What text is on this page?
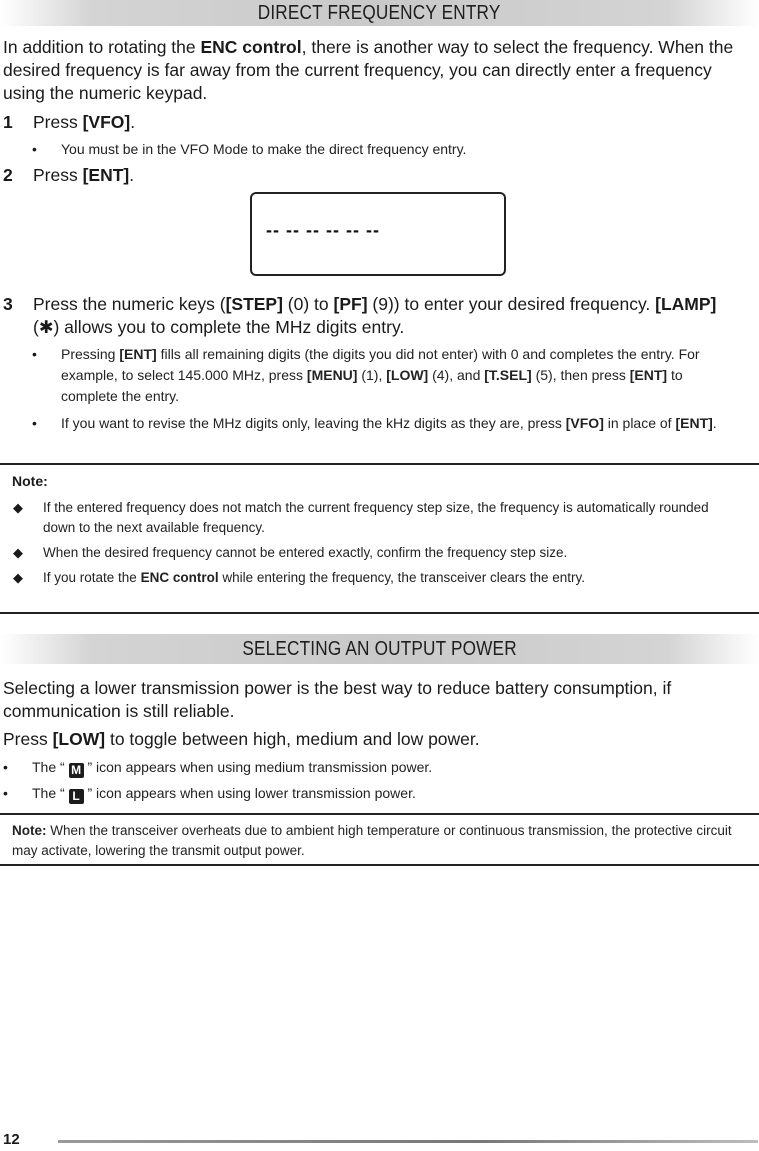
DIRECT FREQUENCY ENTRY

In addition to rotating the ENC control, there is another way to select the frequency. When the desired frequency is far away from the current frequency, you can directly enter a frequency using the numeric keypad.

1 Press [VFO].
• You must be in the VFO Mode to make the direct frequency entry.
2 Press [ENT].
-- -- -- -- -- --
3 Press the numeric keys ([STEP] (0) to [PF] (9)) to enter your desired frequency. [LAMP] (✱) allows you to complete the MHz digits entry.
• Pressing [ENT] fills all remaining digits (the digits you did not enter) with 0 and completes the entry. For example, to select 145.000 MHz, press [MENU] (1), [LOW] (4), and [T.SEL] (5), then press [ENT] to complete the entry.
• If you want to revise the MHz digits only, leaving the kHz digits as they are, press [VFO] in place of [ENT].
Note:
◆ If the entered frequency does not match the current frequency step size, the frequency is automatically rounded down to the next available frequency.
◆ When the desired frequency cannot be entered exactly, confirm the frequency step size.
◆ If you rotate the ENC control while entering the frequency, the transceiver clears the entry.
SELECTING AN OUTPUT POWER

Selecting a lower transmission power is the best way to reduce battery consumption, if communication is still reliable.

Press [LOW] to toggle between high, medium and low power.

• The “ M ” icon appears when using medium transmission power.
• The “ L ” icon appears when using lower transmission power.
Note: When the transceiver overheats due to ambient high temperature or continuous transmission, the protective circuit may activate, lowering the transmit output power.
12
